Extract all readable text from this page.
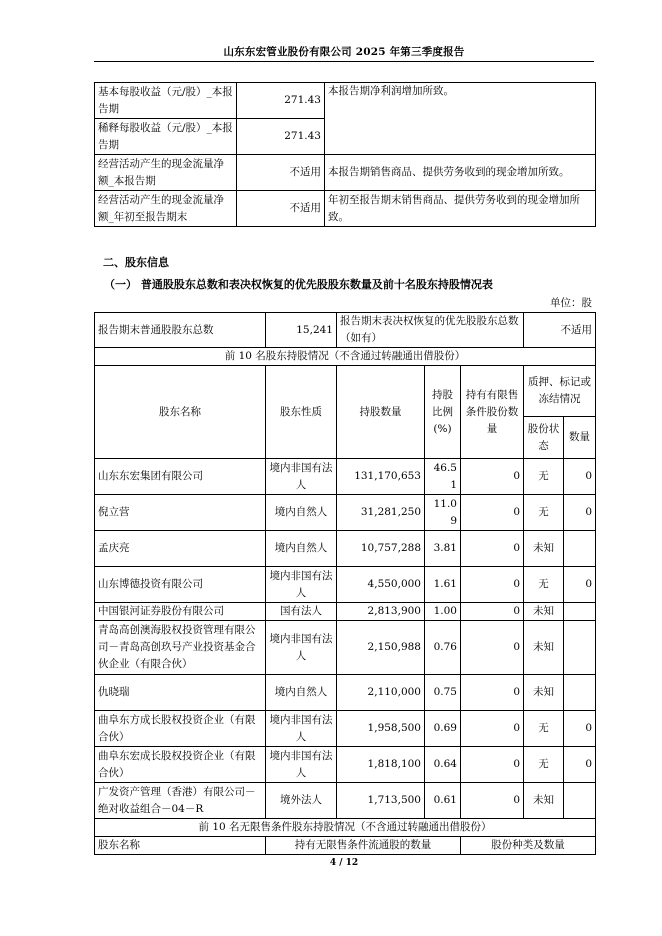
山东东宏管业股份有限公司 2025 年第三季度报告
基本每股收益（元/股）_本报告期	271.43	本报告期净利润增加所致。
稀释每股收益（元/股）_本报告期	271.43	
经营活动产生的现金流量净额_本报告期	不适用	本报告期销售商品、提供劳务收到的现金增加所致。
经营活动产生的现金流量净额_年初至报告期末	不适用	年初至报告期末销售商品、提供劳务收到的现金增加所致。
二、股东信息
（一） 普通股股东总数和表决权恢复的优先股股东数量及前十名股东持股情况表
单位：股
报告期末普通股股东总数	15,241	报告期末表决权恢复的优先股股东总数（如有）			不适用	
前 10 名股东持股情况（不含通过转融通出借股份）						
股东名称	股东性质	持股数量	持股比例(%)	持有有限售条件股份数量	质押、标记或冻结情况	
					股份状态	数量
山东东宏集团有限公司	境内非国有法人	131,170,653	46.51	0	无	0
倪立营	境内自然人	31,281,250	11.09	0	无	0
孟庆亮	境内自然人	10,757,288	3.81	0	未知	
山东博德投资有限公司	境内非国有法人	4,550,000	1.61	0	无	0
中国银河证券股份有限公司	国有法人	2,813,900	1.00	0	未知	
青岛高创澳海股权投资管理有限公司－青岛高创玖号产业投资基金合伙企业（有限合伙）	境内非国有法人	2,150,988	0.76	0	未知	
仇晓瑞	境内自然人	2,110,000	0.75	0	未知	
曲阜东方成长股权投资企业（有限合伙）	境内非国有法人	1,958,500	0.69	0	无	0
曲阜东宏成长股权投资企业（有限合伙）	境内非国有法人	1,818,100	0.64	0	无	0
广发资产管理（香港）有限公司－绝对收益组合－04－R	境外法人	1,713,500	0.61	0	未知	
前 10 名无限售条件股东持股情况（不含通过转融通出借股份）						
股东名称	持有无限售条件流通股的数量			股份种类及数量		
4 / 12
